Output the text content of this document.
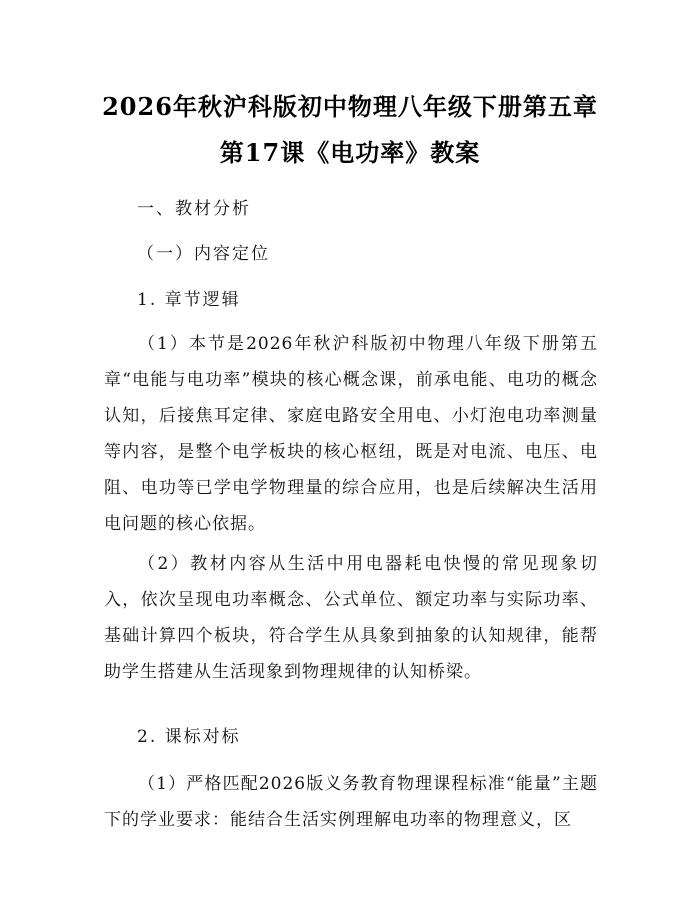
2026年秋沪科版初中物理八年级下册第五章
第17课《电功率》教案
一、教材分析
（一）内容定位
1. 章节逻辑
（1）本节是2026年秋沪科版初中物理八年级下册第五章“电能与电功率”模块的核心概念课，前承电能、电功的概念认知，后接焦耳定律、家庭电路安全用电、小灯泡电功率测量等内容，是整个电学板块的核心枢纽，既是对电流、电压、电阻、电功等已学电学物理量的综合应用，也是后续解决生活用电问题的核心依据。
（2）教材内容从生活中用电器耗电快慢的常见现象切入，依次呈现电功率概念、公式单位、额定功率与实际功率、基础计算四个板块，符合学生从具象到抽象的认知规律，能帮助学生搭建从生活现象到物理规律的认知桥梁。
2. 课标对标
（1）严格匹配2026版义务教育物理课程标准“能量”主题下的学业要求：能结合生活实例理解电功率的物理意义，区
